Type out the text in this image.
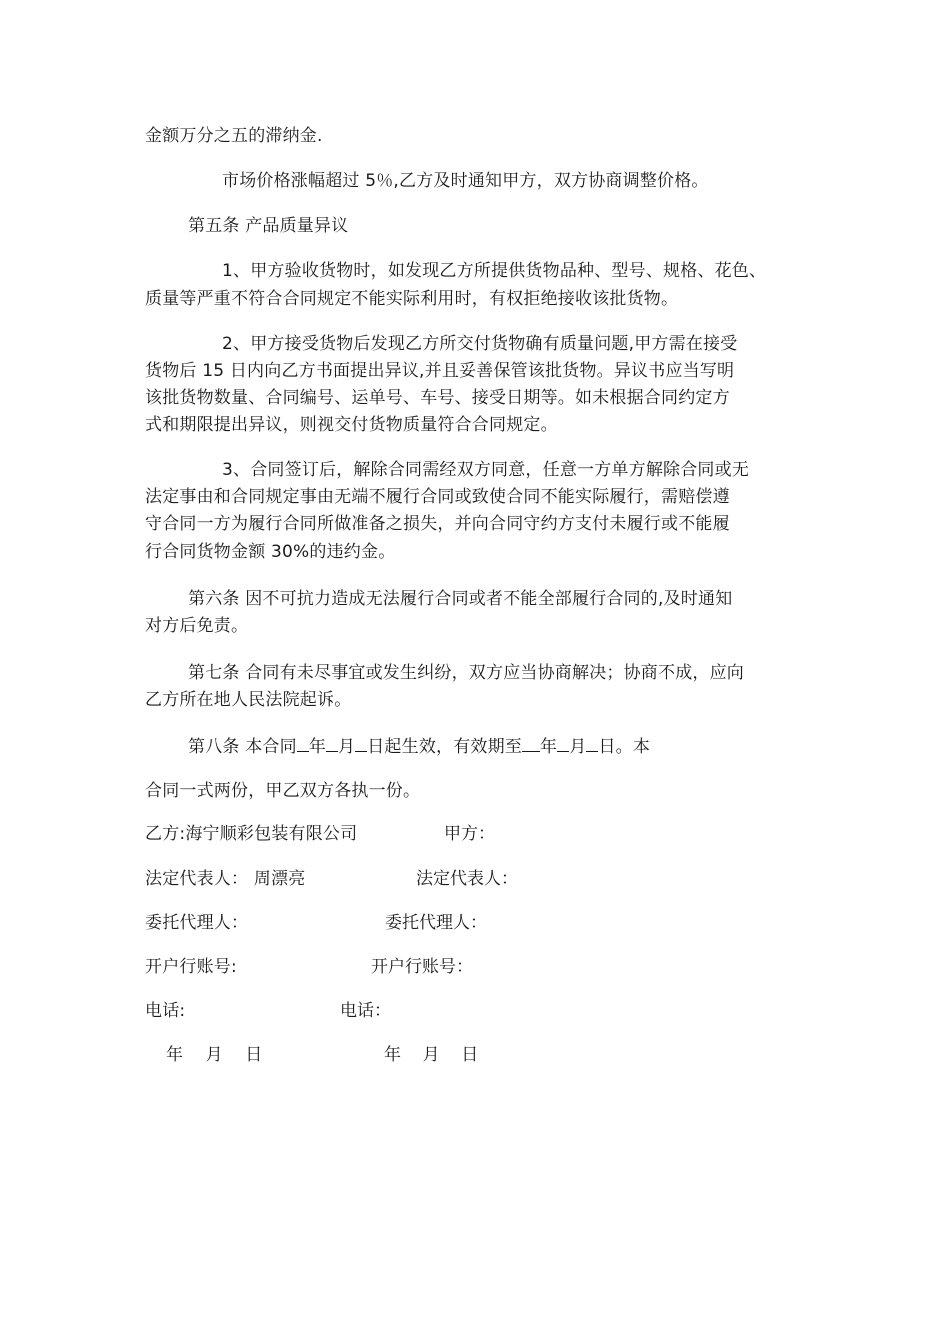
金额万分之五的滞纳金.
市场价格涨幅超过 5％,乙方及时通知甲方，双方协商调整价格。
第五条 产品质量异议
1、甲方验收货物时，如发现乙方所提供货物品种、型号、规格、花色、
质量等严重不符合合同规定不能实际利用时，有权拒绝接收该批货物。
2、甲方接受货物后发现乙方所交付货物确有质量问题,甲方需在接受
货物后 15 日内向乙方书面提出异议,并且妥善保管该批货物。异议书应当写明
该批货物数量、合同编号、运单号、车号、接受日期等。如未根据合同约定方
式和期限提出异议，则视交付货物质量符合合同规定。
3、合同签订后，解除合同需经双方同意，任意一方单方解除合同或无
法定事由和合同规定事由无端不履行合同或致使合同不能实际履行，需赔偿遵
守合同一方为履行合同所做准备之损失，并向合同守约方支付未履行或不能履
行合同货物金额 30%的违约金。
第六条 因不可抗力造成无法履行合同或者不能全部履行合同的,及时通知
对方后免责。
第七条 合同有未尽事宜或发生纠纷，双方应当协商解决；协商不成，应向
乙方所在地人民法院起诉。
第八条 本合同 年 月 日起生效，有效期至 年 月 日。本
合同一式两份，甲乙双方各执一份。
乙方:海宁顺彩包装有限公司	甲方：
法定代表人： 周漂亮	法定代表人：
委托代理人：	委托代理人：
开户行账号:	开户行账号：
电话:	电话：
年    月    日	年    月    日
